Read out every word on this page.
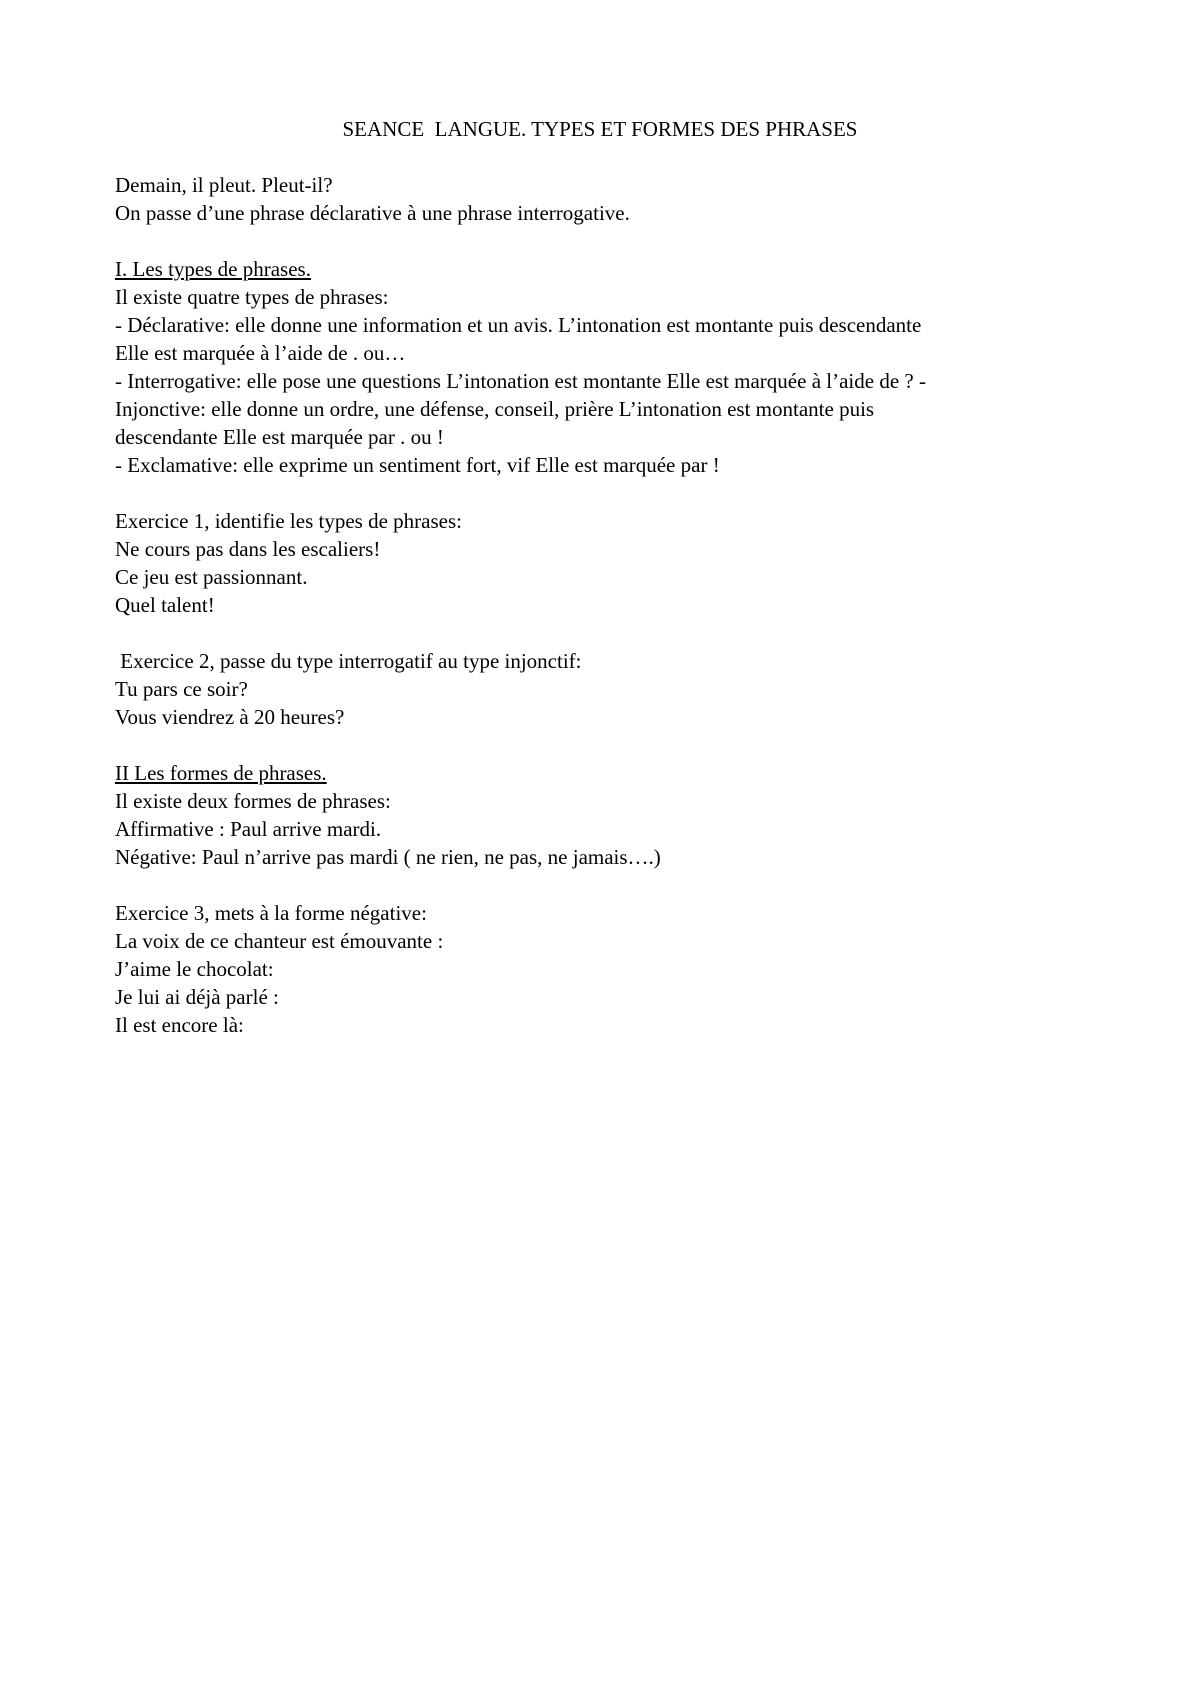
SEANCE  LANGUE. TYPES ET FORMES DES PHRASES
Demain, il pleut. Pleut-il?
On passe d’une phrase déclarative à une phrase interrogative.
I. Les types de phrases.
Il existe quatre types de phrases:
- Déclarative: elle donne une information et un avis. L’intonation est montante puis descendante
Elle est marquée à l’aide de . ou…
- Interrogative: elle pose une questions L’intonation est montante Elle est marquée à l’aide de ? -
Injonctive: elle donne un ordre, une défense, conseil, prière L’intonation est montante puis
descendante Elle est marquée par . ou !
- Exclamative: elle exprime un sentiment fort, vif Elle est marquée par !
Exercice 1, identifie les types de phrases:
Ne cours pas dans les escaliers!
Ce jeu est passionnant.
Quel talent!
Exercice 2, passe du type interrogatif au type injonctif:
Tu pars ce soir?
Vous viendrez à 20 heures?
II Les formes de phrases.
Il existe deux formes de phrases:
Affirmative : Paul arrive mardi.
Négative: Paul n’arrive pas mardi ( ne rien, ne pas, ne jamais….)
Exercice 3, mets à la forme négative:
La voix de ce chanteur est émouvante :
J’aime le chocolat:
Je lui ai déjà parlé :
Il est encore là:
